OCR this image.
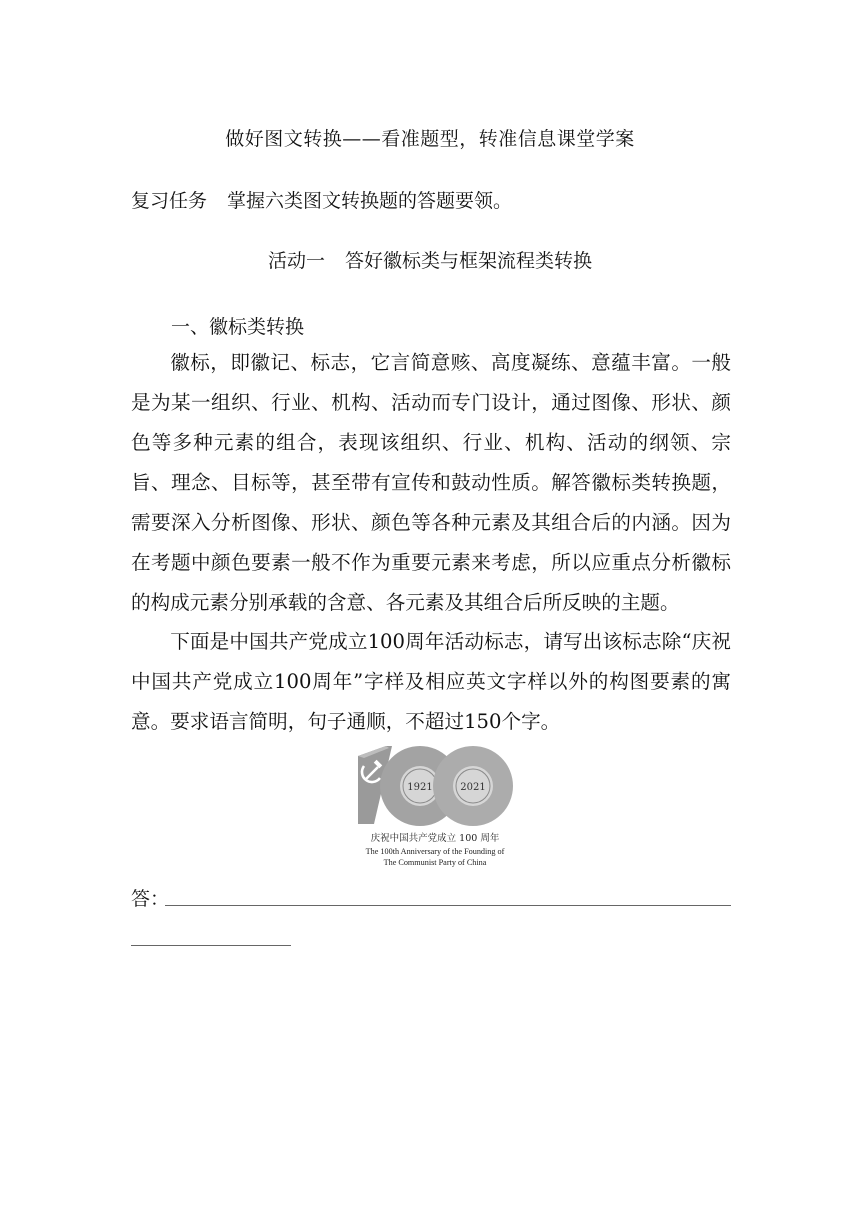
做好图文转换——看准题型，转准信息课堂学案
复习任务 掌握六类图文转换题的答题要领。
活动一 答好徽标类与框架流程类转换
一、徽标类转换
徽标，即徽记、标志，它言简意赅、高度凝练、意蕴丰富。一般是为某一组织、行业、机构、活动而专门设计，通过图像、形状、颜色等多种元素的组合，表现该组织、行业、机构、活动的纲领、宗旨、理念、目标等，甚至带有宣传和鼓动性质。解答徽标类转换题，需要深入分析图像、形状、颜色等各种元素及其组合后的内涵。因为在考题中颜色要素一般不作为重要元素来考虑，所以应重点分析徽标的构成元素分别承载的含意、各元素及其组合后所反映的主题。
下面是中国共产党成立100周年活动标志，请写出该标志除“庆祝中国共产党成立100周年”字样及相应英文字样以外的构图要素的寓意。要求语言简明，句子通顺，不超过150个字。
1921	2021
庆祝中国共产党成立 100 周年
The 100th Anniversary of the Founding of
The Communist Party of China
答：
